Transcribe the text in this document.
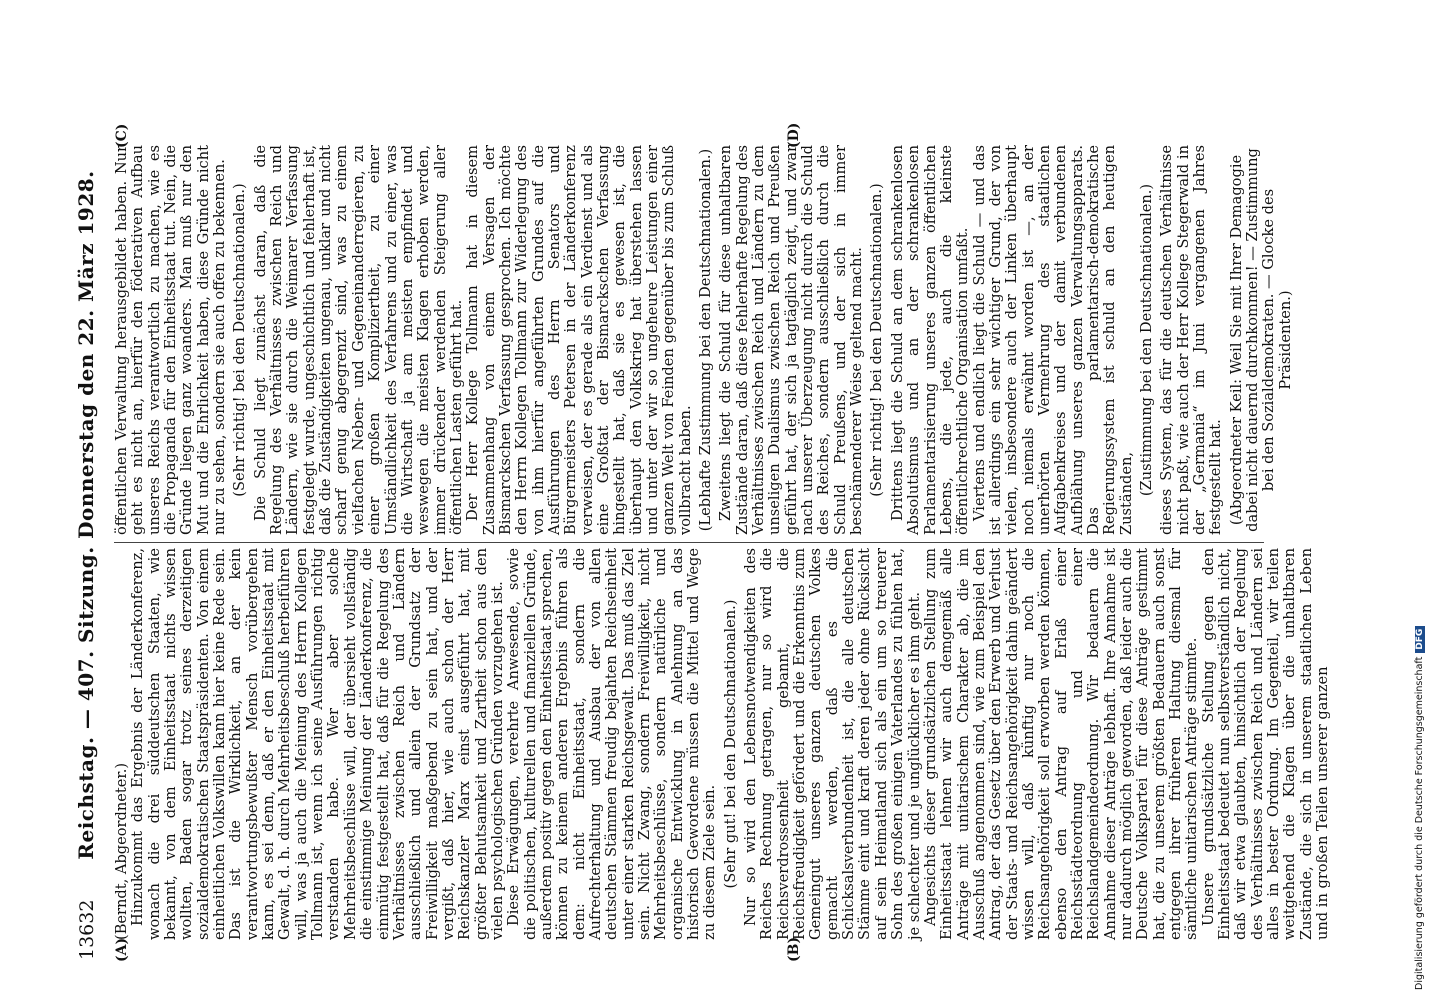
13632
Reichstag. — 407. Sitzung. Donnerstag den 22. März 1928. (Berndt, Abgeordneter.) Hinzukommt das Ergebnis der Länderkonferenz, wonach die drei süddeutschen Staaten, wie bekannt, von dem Einheitsstaat nichts wissen wollten, Baden sogar trotz seines derzeitigen sozialdemokratischen Staatspräsidenten. Von einem einheitlichen Volkswillen kann hier keine Rede sein. Das ist die Wirklichkeit, an der kein verantwortungsbewußter Mensch vorübergehen kann, es sei denn, daß er den Einheitsstaat mit Gewalt, d. h. durch Mehrheitsbeschluß herbeiführen will, was ja auch die Meinung des Herrn Kollegen Tollmann ist, wenn ich seine Ausführungen richtig verstanden habe. Wer aber solche Mehrheitsbeschlüsse will, der übersieht vollständig die einstimmige Meinung der Länderkonferenz, die einmütig festgestellt hat, daß für die Regelung des Verhältnisses zwischen Reich und Ländern ausschließlich und allein der Grundsatz der Freiwilligkeit maßgebend zu sein hat, und der vergißt, daß hier, wie auch schon der Herr Reichskanzler Marx einst ausgeführt hat, mit größter Behutsamkeit und Zartheit schon aus den vielen psychologischen Gründen vorzugehen ist. Diese Erwägungen, verehrte Anwesende, sowie die politischen, kulturellen und finanziellen Gründe, außerdem positiv gegen den Einheitsstaat sprechen, können zu keinem anderen Ergebnis führen als dem: nicht Einheitsstaat, sondern die Aufrechterhaltung und Ausbau der von allen deutschen Stämmen freudig bejahten Reichseinheit unter einer starken Reichsgewalt. Das muß das Ziel sein. Nicht Zwang, sondern Freiwilligkeit, nicht Mehrheitsbeschlüsse, sondern natürliche und organische Entwicklung in Anlehnung an das historisch Gewordene müssen die Mittel und Wege zu diesem Ziele sein. (Sehr gut! bei den Deutschnationalen.) Nur so wird den Lebensnotwendigkeiten des Reiches Rechnung getragen, nur so wird die Reichsverdrossenheit gebannt, die Reichsfreudigkeit gefördert und die Erkenntnis zum Gemeingut unseres ganzen deutschen Volkes gemacht werden, daß es die Schicksalsverbundenheit ist, die alle deutschen Stämme eint und kraft deren jeder ohne Rücksicht auf sein Heimatland sich als ein um so treuerer Sohn des großen einigen Vaterlandes zu fühlen hat, je schlechter und je unglücklicher es ihm geht. Angesichts dieser grundsätzlichen Stellung zum Einheitsstaat lehnen wir auch demgemäß alle Anträge mit unitarischem Charakter ab, die im Ausschuß angenommen sind, wie zum Beispiel den Antrag, der das Gesetz über den Erwerb und Verlust der Staats- und Reichsangehörigkeit dahin geändert wissen will, daß künftig nur noch die Reichsangehörigkeit soll erworben werden können, ebenso den Antrag auf Erlaß einer Reichsstädteordnung und einer Reichslandgemeindeordnung. Wir bedauern die Annahme dieser Anträge lebhaft. Ihre Annahme ist nur dadurch möglich geworden, daß leider auch die Deutsche Volkspartei für diese Anträge gestimmt hat, die zu unserem größten Bedauern auch sonst entgegen ihrer früheren Haltung diesmal für sämtliche unitarischen Anträge stimmte. Unsere grundsätzliche Stellung gegen den Einheitsstaat bedeutet nun selbstverständlich nicht, daß wir etwa glaubten, hinsichtlich der Regelung des Verhältnisses zwischen Reich und Ländern sei alles in bester Ordnung. Im Gegenteil, wir teilen weitgehend die Klagen über die unhaltbaren Zustände, die sich in unserem staatlichen Leben und in großen Teilen unserer ganzen

öffentlichen Verwaltung herausgebildet haben. Nur geht es nicht an, hierfür den föderativen Aufbau unseres Reichs verantwortlich zu machen, wie es die Propaganda für den Einheitsstaat tut. Nein, die Gründe liegen ganz woanders. Man muß nur den Mut und die Ehrlichkeit haben, diese Gründe nicht nur zu sehen, sondern sie auch offen zu bekennen. (Sehr richtig! bei den Deutschnationalen.) Die Schuld liegt zunächst daran, daß die Regelung des Verhältnisses zwischen Reich und Ländern, wie sie durch die Weimarer Verfassung festgelegt wurde, ungeschichtlich und fehlerhaft ist, daß die Zuständigkeiten ungenau, unklar und nicht scharf genug abgegrenzt sind, was zu einem vielfachen Neben- und Gegeneinanderregieren, zu einer großen Kompliziertheit, zu einer Umständlichkeit des Verfahrens und zu einer, was die Wirtschaft ja am meisten empfindet und weswegen die meisten Klagen erhoben werden, immer drückender werdenden Steigerung aller öffentlichen Lasten geführt hat. Der Herr Kollege Tollmann hat in diesem Zusammenhang von einem Versagen der Bismarckschen Verfassung gesprochen. Ich möchte den Herrn Kollegen Tollmann zur Widerlegung des von ihm hierfür angeführten Grundes auf die Ausführungen des Herrn Senators und Bürgermeisters Petersen in der Länderkonferenz verweisen, der es gerade als ein Verdienst und als eine Großtat der Bismarckschen Verfassung hingestellt hat, daß sie es gewesen ist, die überhaupt den Volkskrieg hat überstehen lassen und unter der wir so ungeheure Leistungen einer ganzen Welt von Feinden gegenüber bis zum Schluß vollbracht haben. (Lebhafte Zustimmung bei den Deutschnationalen.) Zweitens liegt die Schuld für diese unhaltbaren Zustände daran, daß diese fehlerhafte Regelung des Verhältnisses zwischen Reich und Ländern zu dem unseligen Dualismus zwischen Reich und Preußen geführt hat, der sich ja tagtäglich zeigt, und zwar nach unserer Überzeugung nicht durch die Schuld des Reiches, sondern ausschließlich durch die Schuld Preußens, und der sich in immer beschämenderer Weise geltend macht. (Sehr richtig! bei den Deutschnationalen.) Drittens liegt die Schuld an dem schrankenlosen Absolutismus und an der schrankenlosen Parlamentarisierung unseres ganzen öffentlichen Lebens, die jede, auch die kleinste öffentlichrechtliche Organisation umfaßt. Viertens und endlich liegt die Schuld — und das ist allerdings ein sehr wichtiger Grund, der von vielen, insbesondere auch der Linken überhaupt noch niemals erwähnt worden ist —, an der unerhörten Vermehrung des staatlichen Aufgabenkreises und der damit verbundenen Aufblähung unseres ganzen Verwaltungsapparats. Das parlamentarisch-demokratische Regierungssystem ist schuld an den heutigen Zuständen, (Zustimmung bei den Deutschnationalen.) dieses System, das für die deutschen Verhältnisse nicht paßt, wie auch der Herr Kollege Stegerwald in der „Germania“ im Juni vergangenen Jahres festgestellt hat. (Abgeordneter Keil: Weil Sie mit Ihrer Demagogie dabei nicht dauernd durchkommen! — Zustimmung bei den Sozialdemokraten. — Glocke des Präsidenten.)

(A)	(B)
(C)	(D)
Digitalisierung gefördert durch die Deutsche ForschungsgemeinschaftDFG
